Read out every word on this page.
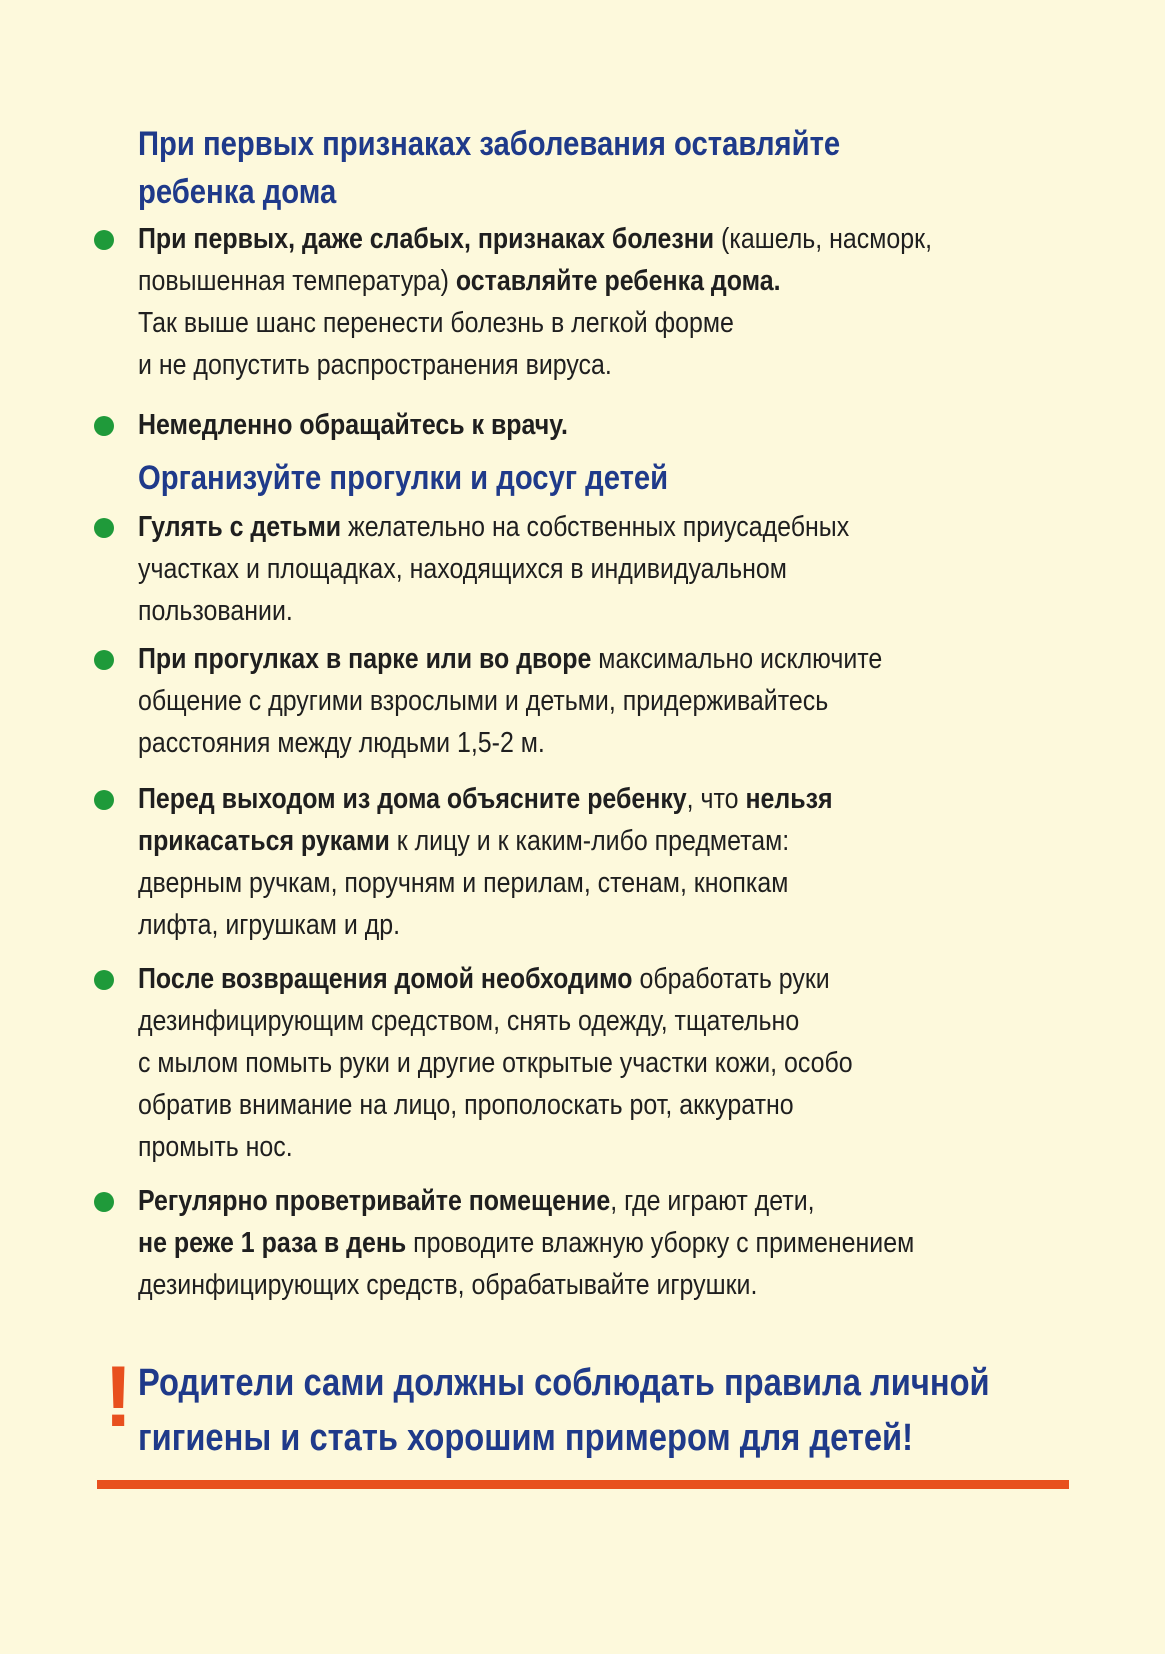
При первых признаках заболевания оставляйте
ребенка дома
При первых, даже слабых, признаках болезни (кашель, насморк,
повышенная температура) оставляйте ребенка дома.
Так выше шанс перенести болезнь в легкой форме
и не допустить распространения вируса.
Немедленно обращайтесь к врачу.
Организуйте прогулки и досуг детей
Гулять с детьми желательно на собственных приусадебных
участках и площадках, находящихся в индивидуальном
пользовании.
При прогулках в парке или во дворе максимально исключите
общение с другими взрослыми и детьми, придерживайтесь
расстояния между людьми 1,5-2 м.
Перед выходом из дома объясните ребенку, что нельзя
прикасаться руками к лицу и к каким-либо предметам:
дверным ручкам, поручням и перилам, стенам, кнопкам
лифта, игрушкам и др.
После возвращения домой необходимо обработать руки
дезинфицирующим средством, снять одежду, тщательно
с мылом помыть руки и другие открытые участки кожи, особо
обратив внимание на лицо, прополоскать рот, аккуратно
промыть нос.
Регулярно проветривайте помещение, где играют дети,
не реже 1 раза в день проводите влажную уборку с применением
дезинфицирующих средств, обрабатывайте игрушки.
! Родители сами должны соблюдать правила личной
гигиены и стать хорошим примером для детей!
